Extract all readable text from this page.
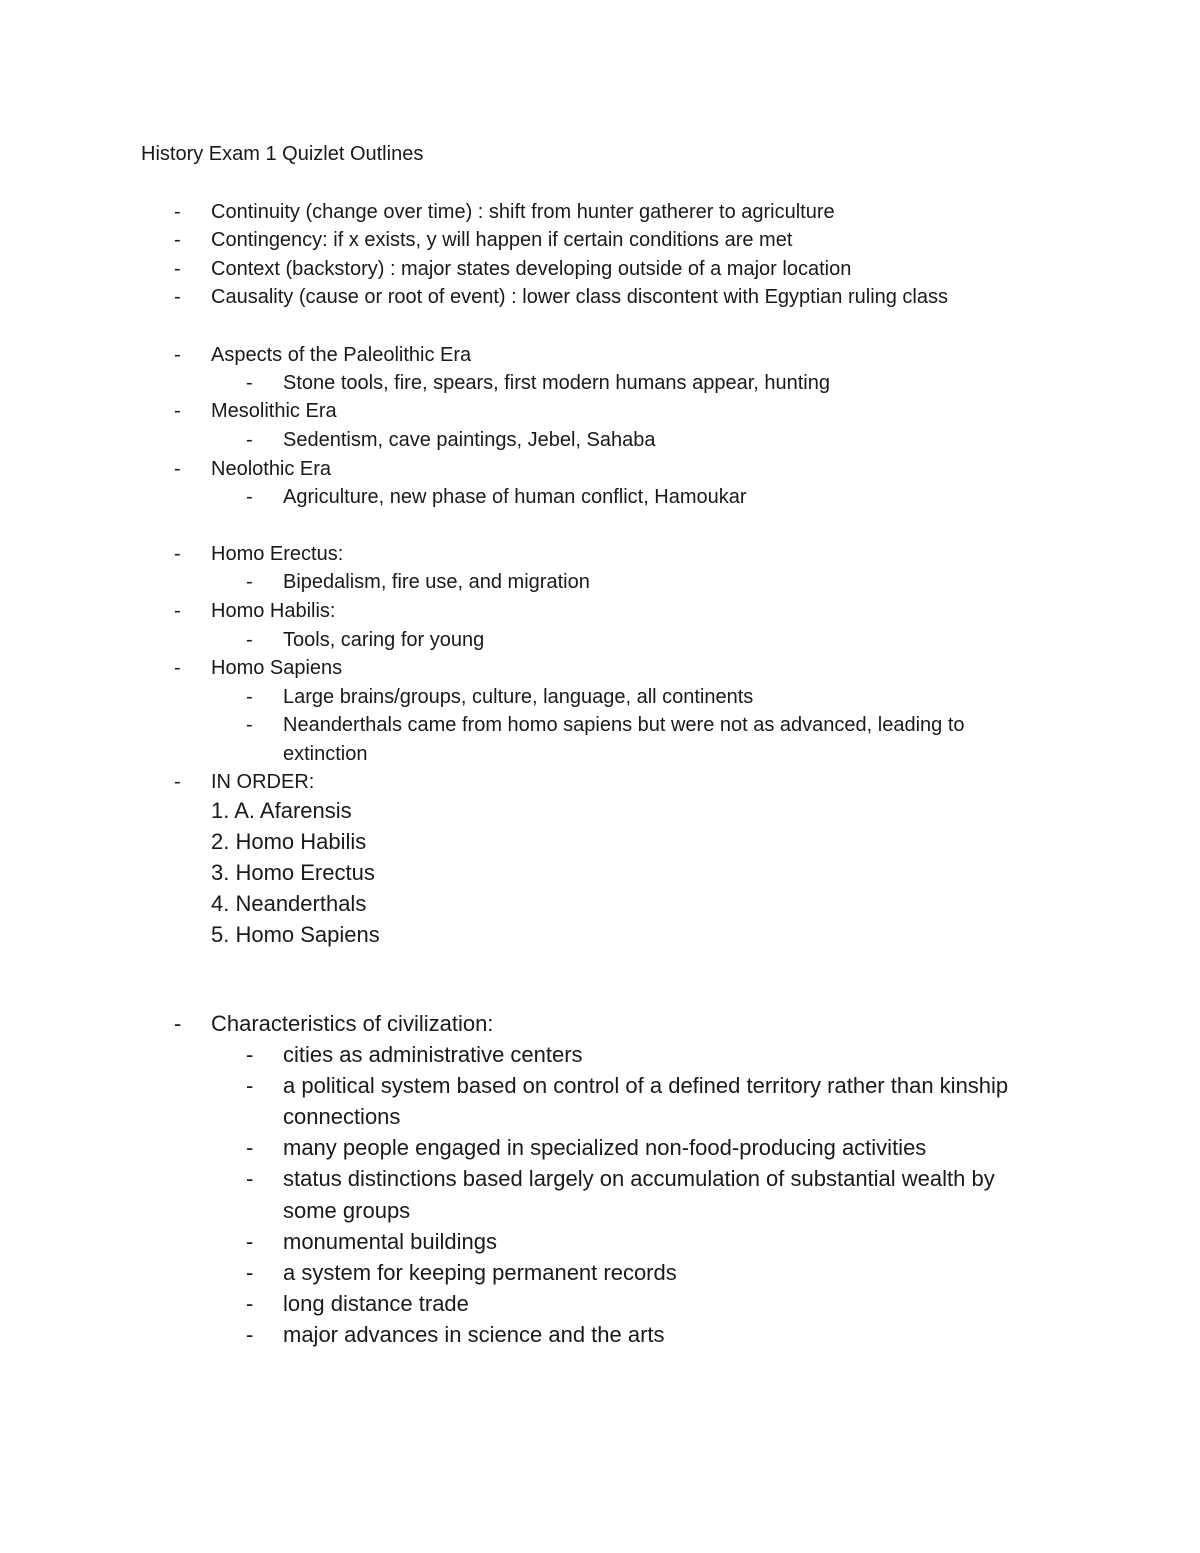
History Exam 1 Quizlet Outlines
- Continuity (change over time) : shift from hunter gatherer to agriculture
- Contingency: if x exists, y will happen if certain conditions are met
- Context (backstory) : major states developing outside of a major location
- Causality (cause or root of event) : lower class discontent with Egyptian ruling class
- Aspects of the Paleolithic Era
- Stone tools, fire, spears, first modern humans appear, hunting
- Mesolithic Era
- Sedentism, cave paintings, Jebel, Sahaba
- Neolothic Era
- Agriculture, new phase of human conflict, Hamoukar
- Homo Erectus:
- Bipedalism, fire use, and migration
- Homo Habilis:
- Tools, caring for young
- Homo Sapiens
- Large brains/groups, culture, language, all continents
- Neanderthals came from homo sapiens but were not as advanced, leading to
extinction
- IN ORDER:
1. A. Afarensis
2. Homo Habilis
3. Homo Erectus
4. Neanderthals
5. Homo Sapiens
- Characteristics of civilization:
- cities as administrative centers
- a political system based on control of a defined territory rather than kinship
connections
- many people engaged in specialized non-food-producing activities
- status distinctions based largely on accumulation of substantial wealth by
some groups
- monumental buildings
- a system for keeping permanent records
- long distance trade
- major advances in science and the arts
